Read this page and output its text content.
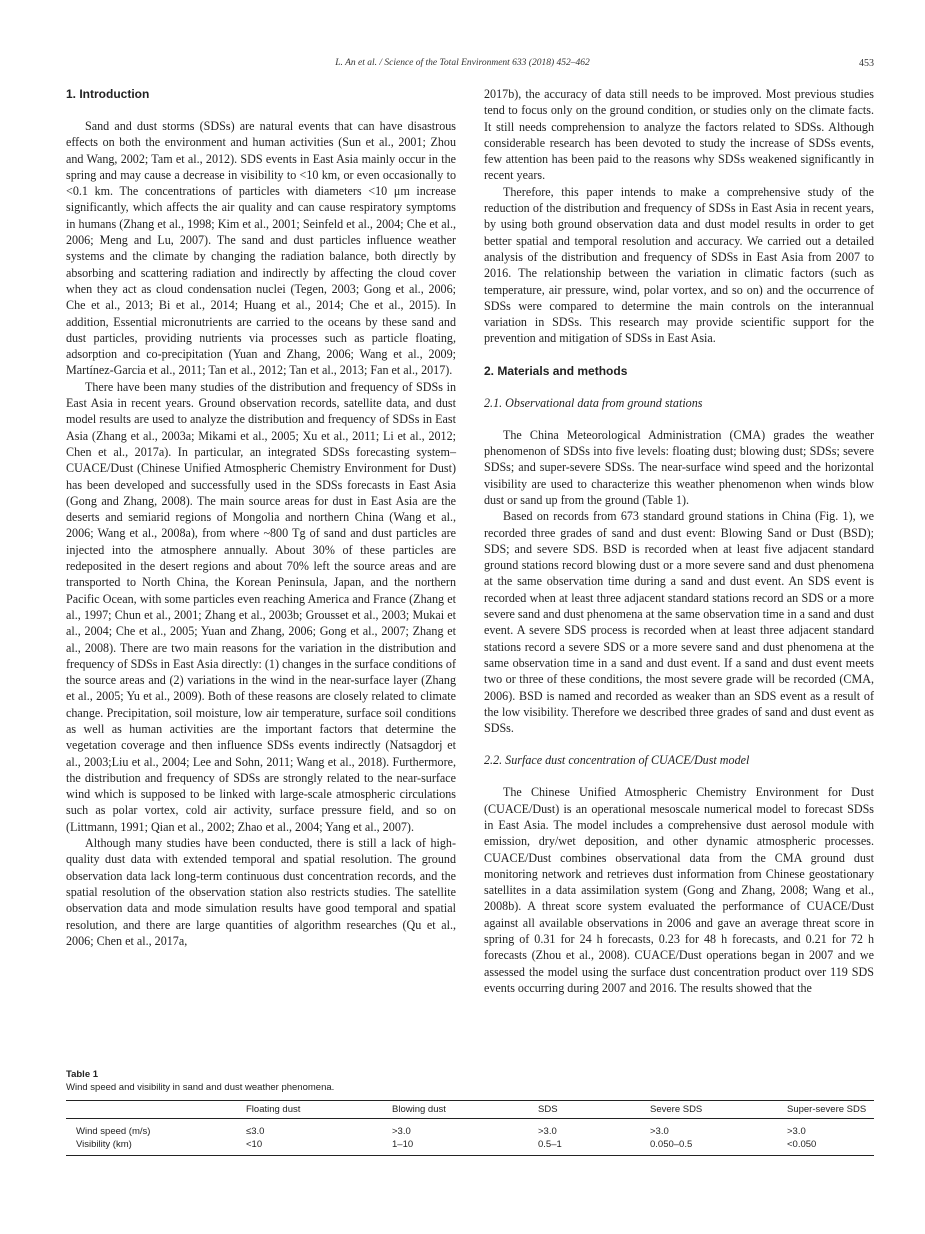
L. An et al. / Science of the Total Environment 633 (2018) 452–462	453
1. Introduction

Sand and dust storms (SDSs) are natural events that can have disastrous effects on both the environment and human activities (Sun et al., 2001; Zhou and Wang, 2002; Tam et al., 2012). SDS events in East Asia mainly occur in the spring and may cause a decrease in visibility to <10 km, or even occasionally to <0.1 km. The concentrations of particles with diameters <10 μm increase significantly, which affects the air quality and can cause respiratory symptoms in humans (Zhang et al., 1998; Kim et al., 2001; Seinfeld et al., 2004; Che et al., 2006; Meng and Lu, 2007). The sand and dust particles influence weather systems and the climate by changing the radiation balance, both directly by absorbing and scattering radiation and indirectly by affecting the cloud cover when they act as cloud condensation nuclei (Tegen, 2003; Gong et al., 2006; Che et al., 2013; Bi et al., 2014; Huang et al., 2014; Che et al., 2015). In addition, Essential micronutrients are carried to the oceans by these sand and dust particles, providing nutrients via processes such as particle floating, adsorption and co-precipitation (Yuan and Zhang, 2006; Wang et al., 2009; Martínez-Garcia et al., 2011; Tan et al., 2012; Tan et al., 2013; Fan et al., 2017).

There have been many studies of the distribution and frequency of SDSs in East Asia in recent years. Ground observation records, satellite data, and dust model results are used to analyze the distribution and frequency of SDSs in East Asia (Zhang et al., 2003a; Mikami et al., 2005; Xu et al., 2011; Li et al., 2012; Chen et al., 2017a). In particular, an integrated SDSs forecasting system–CUACE/Dust (Chinese Unified Atmospheric Chemistry Environment for Dust) has been developed and successfully used in the SDSs forecasts in East Asia (Gong and Zhang, 2008). The main source areas for dust in East Asia are the deserts and semiarid regions of Mongolia and northern China (Wang et al., 2006; Wang et al., 2008a), from where ~800 Tg of sand and dust particles are injected into the atmosphere annually. About 30% of these particles are redeposited in the desert regions and about 70% left the source areas and are transported to North China, the Korean Peninsula, Japan, and the northern Pacific Ocean, with some particles even reaching America and France (Zhang et al., 1997; Chun et al., 2001; Zhang et al., 2003b; Grousset et al., 2003; Mukai et al., 2004; Che et al., 2005; Yuan and Zhang, 2006; Gong et al., 2007; Zhang et al., 2008). There are two main reasons for the variation in the distribution and frequency of SDSs in East Asia directly: (1) changes in the surface conditions of the source areas and (2) variations in the wind in the near-surface layer (Zhang et al., 2005; Yu et al., 2009). Both of these reasons are closely related to climate change. Precipitation, soil moisture, low air temperature, surface soil conditions as well as human activities are the important factors that determine the vegetation coverage and then influence SDSs events indirectly (Natsagdorj et al., 2003;Liu et al., 2004; Lee and Sohn, 2011; Wang et al., 2018). Furthermore, the distribution and frequency of SDSs are strongly related to the near-surface wind which is supposed to be linked with large-scale atmospheric circulations such as polar vortex, cold air activity, surface pressure field, and so on (Littmann, 1991; Qian et al., 2002; Zhao et al., 2004; Yang et al., 2007).

Although many studies have been conducted, there is still a lack of high-quality dust data with extended temporal and spatial resolution. The ground observation data lack long-term continuous dust concentration records, and the spatial resolution of the observation station also restricts studies. The satellite observation data and mode simulation results have good temporal and spatial resolution, and there are large quantities of algorithm researches (Qu et al., 2006; Chen et al., 2017a,

2017b), the accuracy of data still needs to be improved. Most previous studies tend to focus only on the ground condition, or studies only on the climate facts. It still needs comprehension to analyze the factors related to SDSs. Although considerable research has been devoted to study the increase of SDSs events, few attention has been paid to the reasons why SDSs weakened significantly in recent years.

Therefore, this paper intends to make a comprehensive study of the reduction of the distribution and frequency of SDSs in East Asia in recent years, by using both ground observation data and dust model results in order to get better spatial and temporal resolution and accuracy. We carried out a detailed analysis of the distribution and frequency of SDSs in East Asia from 2007 to 2016. The relationship between the variation in climatic factors (such as temperature, air pressure, wind, polar vortex, and so on) and the occurrence of SDSs were compared to determine the main controls on the interannual variation in SDSs. This research may provide scientific support for the prevention and mitigation of SDSs in East Asia.

2. Materials and methods
2.1. Observational data from ground stations

The China Meteorological Administration (CMA) grades the weather phenomenon of SDSs into five levels: floating dust; blowing dust; SDSs; severe SDSs; and super-severe SDSs. The near-surface wind speed and the horizontal visibility are used to characterize this weather phenomenon when winds blow dust or sand up from the ground (Table 1).

Based on records from 673 standard ground stations in China (Fig. 1), we recorded three grades of sand and dust event: Blowing Sand or Dust (BSD); SDS; and severe SDS. BSD is recorded when at least five adjacent standard ground stations record blowing dust or a more severe sand and dust phenomena at the same observation time during a sand and dust event. An SDS event is recorded when at least three adjacent standard stations record an SDS or a more severe sand and dust phenomena at the same observation time in a sand and dust event. A severe SDS process is recorded when at least three adjacent standard stations record a severe SDS or a more severe sand and dust phenomena at the same observation time in a sand and dust event. If a sand and dust event meets two or three of these conditions, the most severe grade will be recorded (CMA, 2006). BSD is named and recorded as weaker than an SDS event as a result of the low visibility. Therefore we described three grades of sand and dust event as SDSs.

2.2. Surface dust concentration of CUACE/Dust model

The Chinese Unified Atmospheric Chemistry Environment for Dust (CUACE/Dust) is an operational mesoscale numerical model to forecast SDSs in East Asia. The model includes a comprehensive dust aerosol module with emission, dry/wet deposition, and other dynamic atmospheric processes. CUACE/Dust combines observational data from the CMA ground dust monitoring network and retrieves dust information from Chinese geostationary satellites in a data assimilation system (Gong and Zhang, 2008; Wang et al., 2008b). A threat score system evaluated the performance of CUACE/Dust against all available observations in 2006 and gave an average threat score in spring of 0.31 for 24 h forecasts, 0.23 for 48 h forecasts, and 0.21 for 72 h forecasts (Zhou et al., 2008). CUACE/Dust operations began in 2007 and we assessed the model using the surface dust concentration product over 119 SDS events occurring during 2007 and 2016. The results showed that the

Table 1
Wind speed and visibility in sand and dust weather phenomena.
	Floating dust	Blowing dust	SDS	Severe SDS	Super-severe SDS
Wind speed (m/s)	≤3.0	>3.0	>3.0	>3.0	>3.0
Visibility (km)	<10	1–10	0.5–1	0.050–0.5	<0.050
